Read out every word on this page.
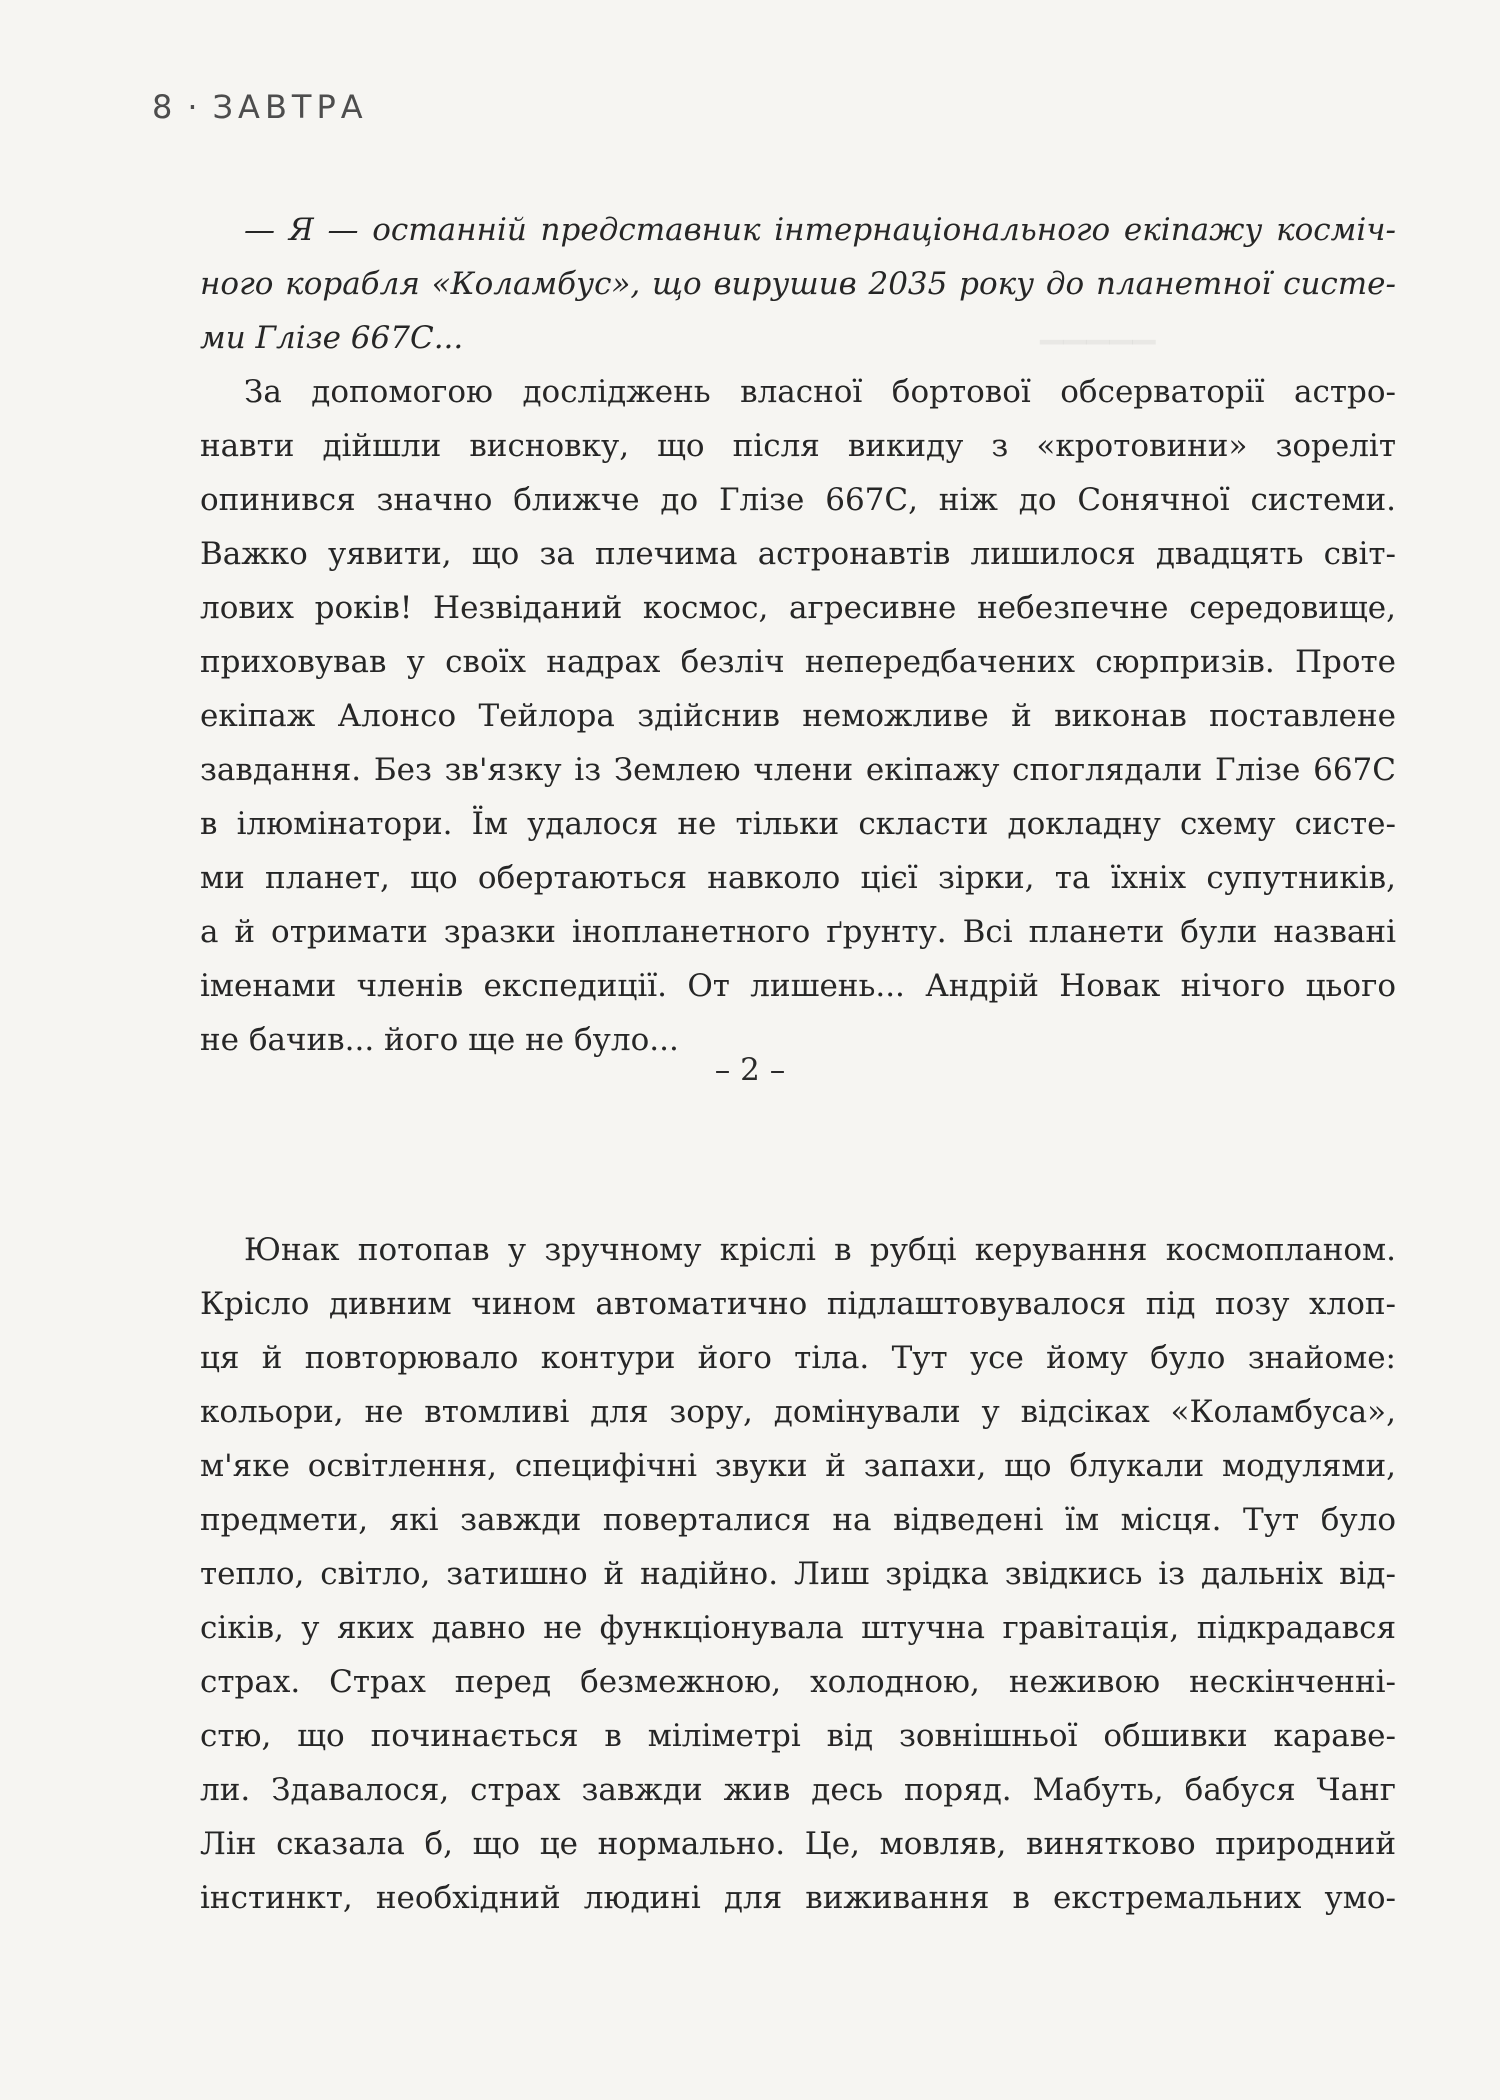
▁▁▁▁▁
8 · ЗАВТРА
— Я — останній представник інтернаціонального екіпажу косміч-
ного корабля «Коламбус», що вирушив 2035 року до планетної систе-
ми Глізе 667С...
За допомогою досліджень власної бортової обсерваторії астро-
навти дійшли висновку, що після викиду з «кротовини» зореліт
опинився значно ближче до Глізе 667С, ніж до Сонячної системи.
Важко уявити, що за плечима астронавтів лишилося двадцять світ-
лових років! Незвіданий космос, агресивне небезпечне середовище,
приховував у своїх надрах безліч непередбачених сюрпризів. Проте
екіпаж Алонсо Тейлора здійснив неможливе й виконав поставлене
завдання. Без зв'язку із Землею члени екіпажу споглядали Глізе 667С
в ілюмінатори. Їм удалося не тільки скласти докладну схему систе-
ми планет, що обертаються навколо цієї зірки, та їхніх супутників,
а й отримати зразки інопланетного ґрунту. Всі планети були названі
іменами членів експедиції. От лишень... Андрій Новак нічого цього
не бачив... його ще не було...
– 2 –
Юнак потопав у зручному кріслі в рубці керування космопланом.
Крісло дивним чином автоматично підлаштовувалося під позу хлоп-
ця й повторювало контури його тіла. Тут усе йому було знайоме:
кольори, не втомливі для зору, домінували у відсіках «Коламбуса»,
м'яке освітлення, специфічні звуки й запахи, що блукали модулями,
предмети, які завжди поверталися на відведені їм місця. Тут було
тепло, світло, затишно й надійно. Лиш зрідка звідкись із дальніх від-
сіків, у яких давно не функціонувала штучна гравітація, підкрадався
страх. Страх перед безмежною, холодною, неживою нескінченні-
стю, що починається в міліметрі від зовнішньої обшивки караве-
ли. Здавалося, страх завжди жив десь поряд. Мабуть, бабуся Чанг
Лін сказала б, що це нормально. Це, мовляв, винятково природний
інстинкт, необхідний людині для виживання в екстремальних умо-
